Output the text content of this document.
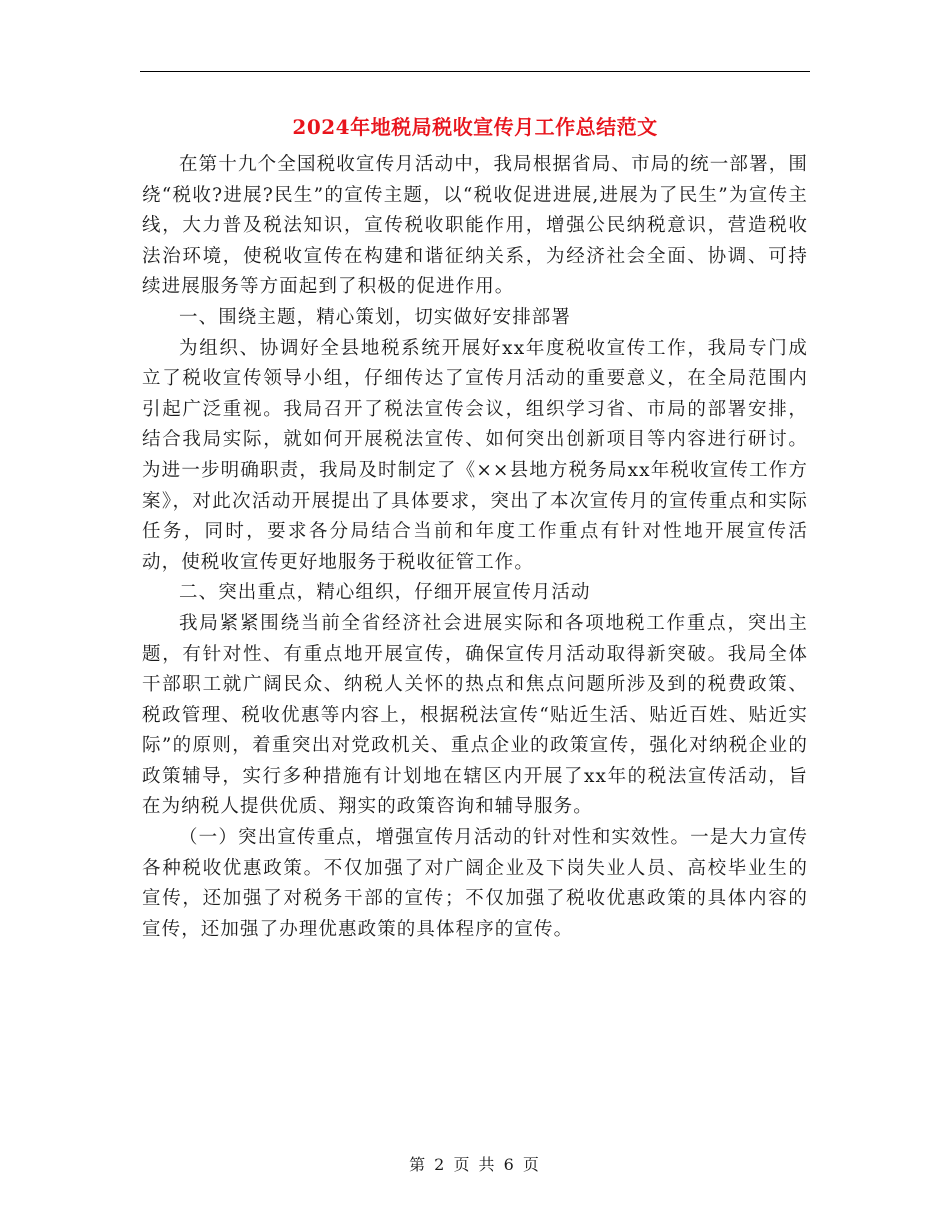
2024年地税局税收宣传月工作总结范文

在第十九个全国税收宣传月活动中，我局根据省局、市局的统一部署，围绕“税收?进展?民生”的宣传主题，以“税收促进进展,进展为了民生”为宣传主线，大力普及税法知识，宣传税收职能作用，增强公民纳税意识，营造税收法治环境，使税收宣传在构建和谐征纳关系，为经济社会全面、协调、可持续进展服务等方面起到了积极的促进作用。

一、围绕主题，精心策划，切实做好安排部署

为组织、协调好全县地税系统开展好xx年度税收宣传工作，我局专门成立了税收宣传领导小组，仔细传达了宣传月活动的重要意义，在全局范围内引起广泛重视。我局召开了税法宣传会议，组织学习省、市局的部署安排，结合我局实际，就如何开展税法宣传、如何突出创新项目等内容进行研讨。为进一步明确职责，我局及时制定了《××县地方税务局xx年税收宣传工作方案》，对此次活动开展提出了具体要求，突出了本次宣传月的宣传重点和实际任务，同时，要求各分局结合当前和年度工作重点有针对性地开展宣传活动，使税收宣传更好地服务于税收征管工作。

二、突出重点，精心组织，仔细开展宣传月活动

我局紧紧围绕当前全省经济社会进展实际和各项地税工作重点，突出主题，有针对性、有重点地开展宣传，确保宣传月活动取得新突破。我局全体干部职工就广阔民众、纳税人关怀的热点和焦点问题所涉及到的税费政策、税政管理、税收优惠等内容上，根据税法宣传“贴近生活、贴近百姓、贴近实际”的原则，着重突出对党政机关、重点企业的政策宣传，强化对纳税企业的政策辅导，实行多种措施有计划地在辖区内开展了xx年的税法宣传活动，旨在为纳税人提供优质、翔实的政策咨询和辅导服务。

（一）突出宣传重点，增强宣传月活动的针对性和实效性。一是大力宣传各种税收优惠政策。不仅加强了对广阔企业及下岗失业人员、高校毕业生的宣传，还加强了对税务干部的宣传；不仅加强了税收优惠政策的具体内容的宣传，还加强了办理优惠政策的具体程序的宣传。

第 2 页 共 6 页
